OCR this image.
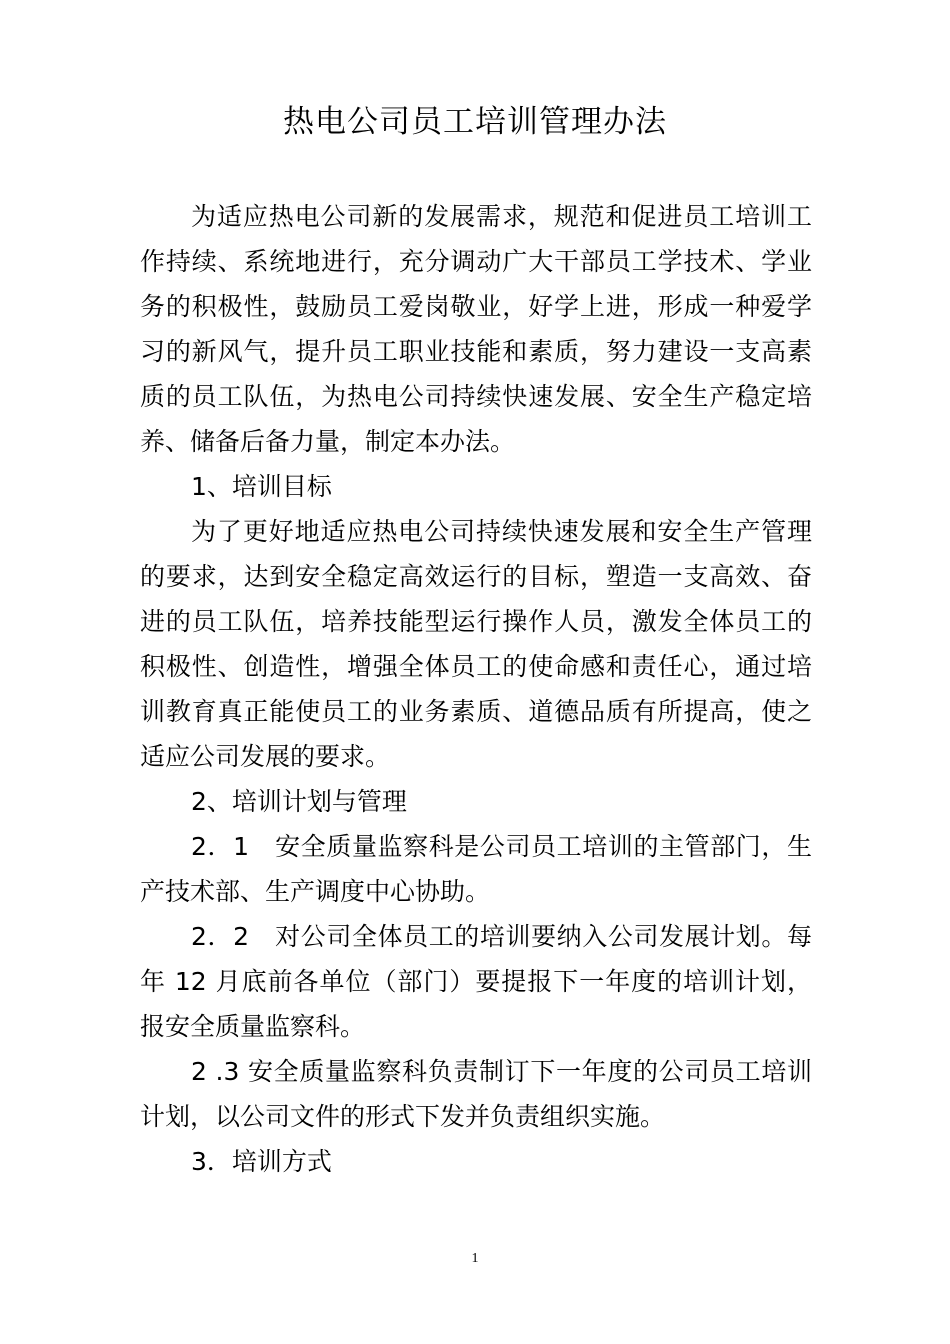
热电公司员工培训管理办法

为适应热电公司新的发展需求，规范和促进员工培训工作持续、系统地进行，充分调动广大干部员工学技术、学业务的积极性，鼓励员工爱岗敬业，好学上进，形成一种爱学习的新风气，提升员工职业技能和素质，努力建设一支高素质的员工队伍，为热电公司持续快速发展、安全生产稳定培养、储备后备力量，制定本办法。

1、培训目标

为了更好地适应热电公司持续快速发展和安全生产管理的要求，达到安全稳定高效运行的目标，塑造一支高效、奋进的员工队伍，培养技能型运行操作人员，激发全体员工的积极性、创造性，增强全体员工的使命感和责任心，通过培训教育真正能使员工的业务素质、道德品质有所提高，使之适应公司发展的要求。

2、培训计划与管理

2．1　安全质量监察科是公司员工培训的主管部门，生产技术部、生产调度中心协助。

2．2　对公司全体员工的培训要纳入公司发展计划。每年 12 月底前各单位（部门）要提报下一年度的培训计划，报安全质量监察科。

2 .3 安全质量监察科负责制订下一年度的公司员工培训计划，以公司文件的形式下发并负责组织实施。

3．培训方式

1
